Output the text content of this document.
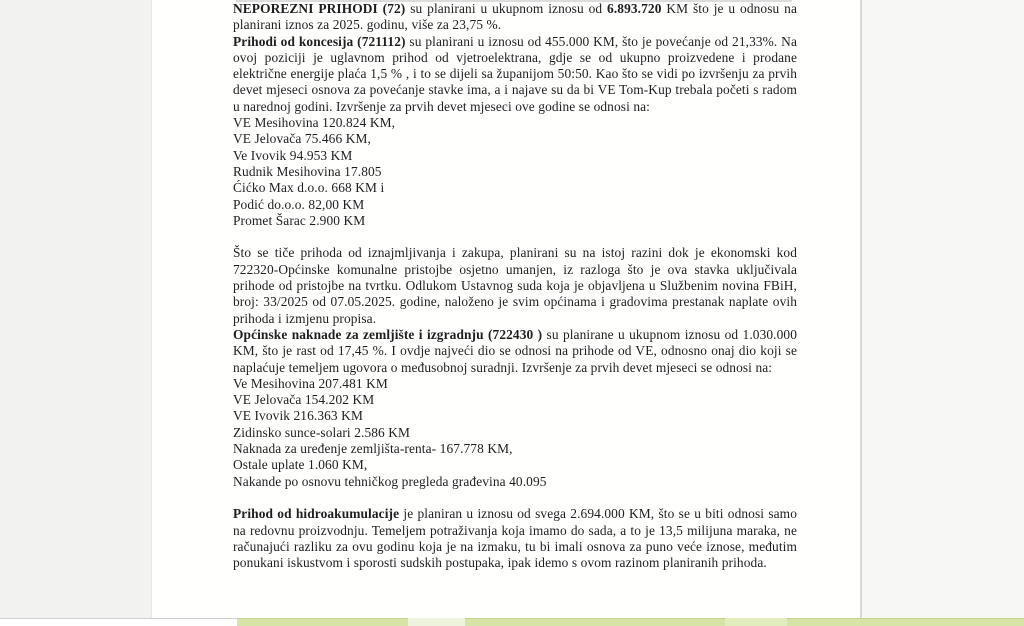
NEPOREZNI PRIHODI (72) su planirani u ukupnom iznosu od 6.893.720 KM što je u odnosu na planirani iznos za 2025. godinu, više za 23,75 %.
Prihodi od koncesija (721112) su planirani u iznosu od 455.000 KM, što je povećanje od 21,33%. Na ovoj poziciji je uglavnom prihod od vjetroelektrana, gdje se od ukupno proizvedene i prodane električne energije plaća 1,5 % , i to se dijeli sa županijom 50:50. Kao što se vidi po izvršenju za prvih devet mjeseci osnova za povećanje stavke ima, a i najave su da bi VE Tom-Kup trebala početi s radom u narednoj godini. Izvršenje za prvih devet mjeseci ove godine se odnosi na:
VE Mesihovina 120.824 KM,
VE Jelovača 75.466 KM,
Ve Ivovik 94.953 KM
Rudnik Mesihovina 17.805
Ćićko Max d.o.o. 668 KM i
Podić do.o.o. 82,00 KM
Promet Šarac 2.900 KM
Što se tiče prihoda od iznajmljivanja i zakupa, planirani su na istoj razini dok je ekonomski kod 722320-Općinske komunalne pristojbe osjetno umanjen, iz razloga što je ova stavka uključivala prihode od pristojbe na tvrtku. Odlukom Ustavnog suda koja je objavljena u Službenim novina FBiH, broj: 33/2025 od 07.05.2025. godine, naloženo je svim općinama i gradovima prestanak naplate ovih prihoda i izmjenu propisa.
Općinske naknade za zemljište i izgradnju (722430 ) su planirane u ukupnom iznosu od 1.030.000 KM, što je rast od 17,45 %. I ovdje najveći dio se odnosi na prihode od VE, odnosno onaj dio koji se naplaćuje temeljem ugovora o međusobnoj suradnji. Izvršenje za prvih devet mjeseci se odnosi na:
Ve Mesihovina 207.481 KM
VE Jelovača 154.202 KM
VE Ivovik 216.363 KM
Zidinsko sunce-solari 2.586 KM
Naknada za uređenje zemljišta-renta- 167.778 KM,
Ostale uplate 1.060 KM,
Nakande po osnovu tehničkog pregleda građevina 40.095
Prihod od hidroakumulacije je planiran u iznosu od svega 2.694.000 KM, što se u biti odnosi samo na redovnu proizvodnju. Temeljem potraživanja koja imamo do sada, a to je 13,5 milijuna maraka, ne računajući razliku za ovu godinu koja je na izmaku, tu bi imali osnova za puno veće iznose, međutim ponukani iskustvom i sporosti sudskih postupaka, ipak idemo s ovom razinom planiranih prihoda.
